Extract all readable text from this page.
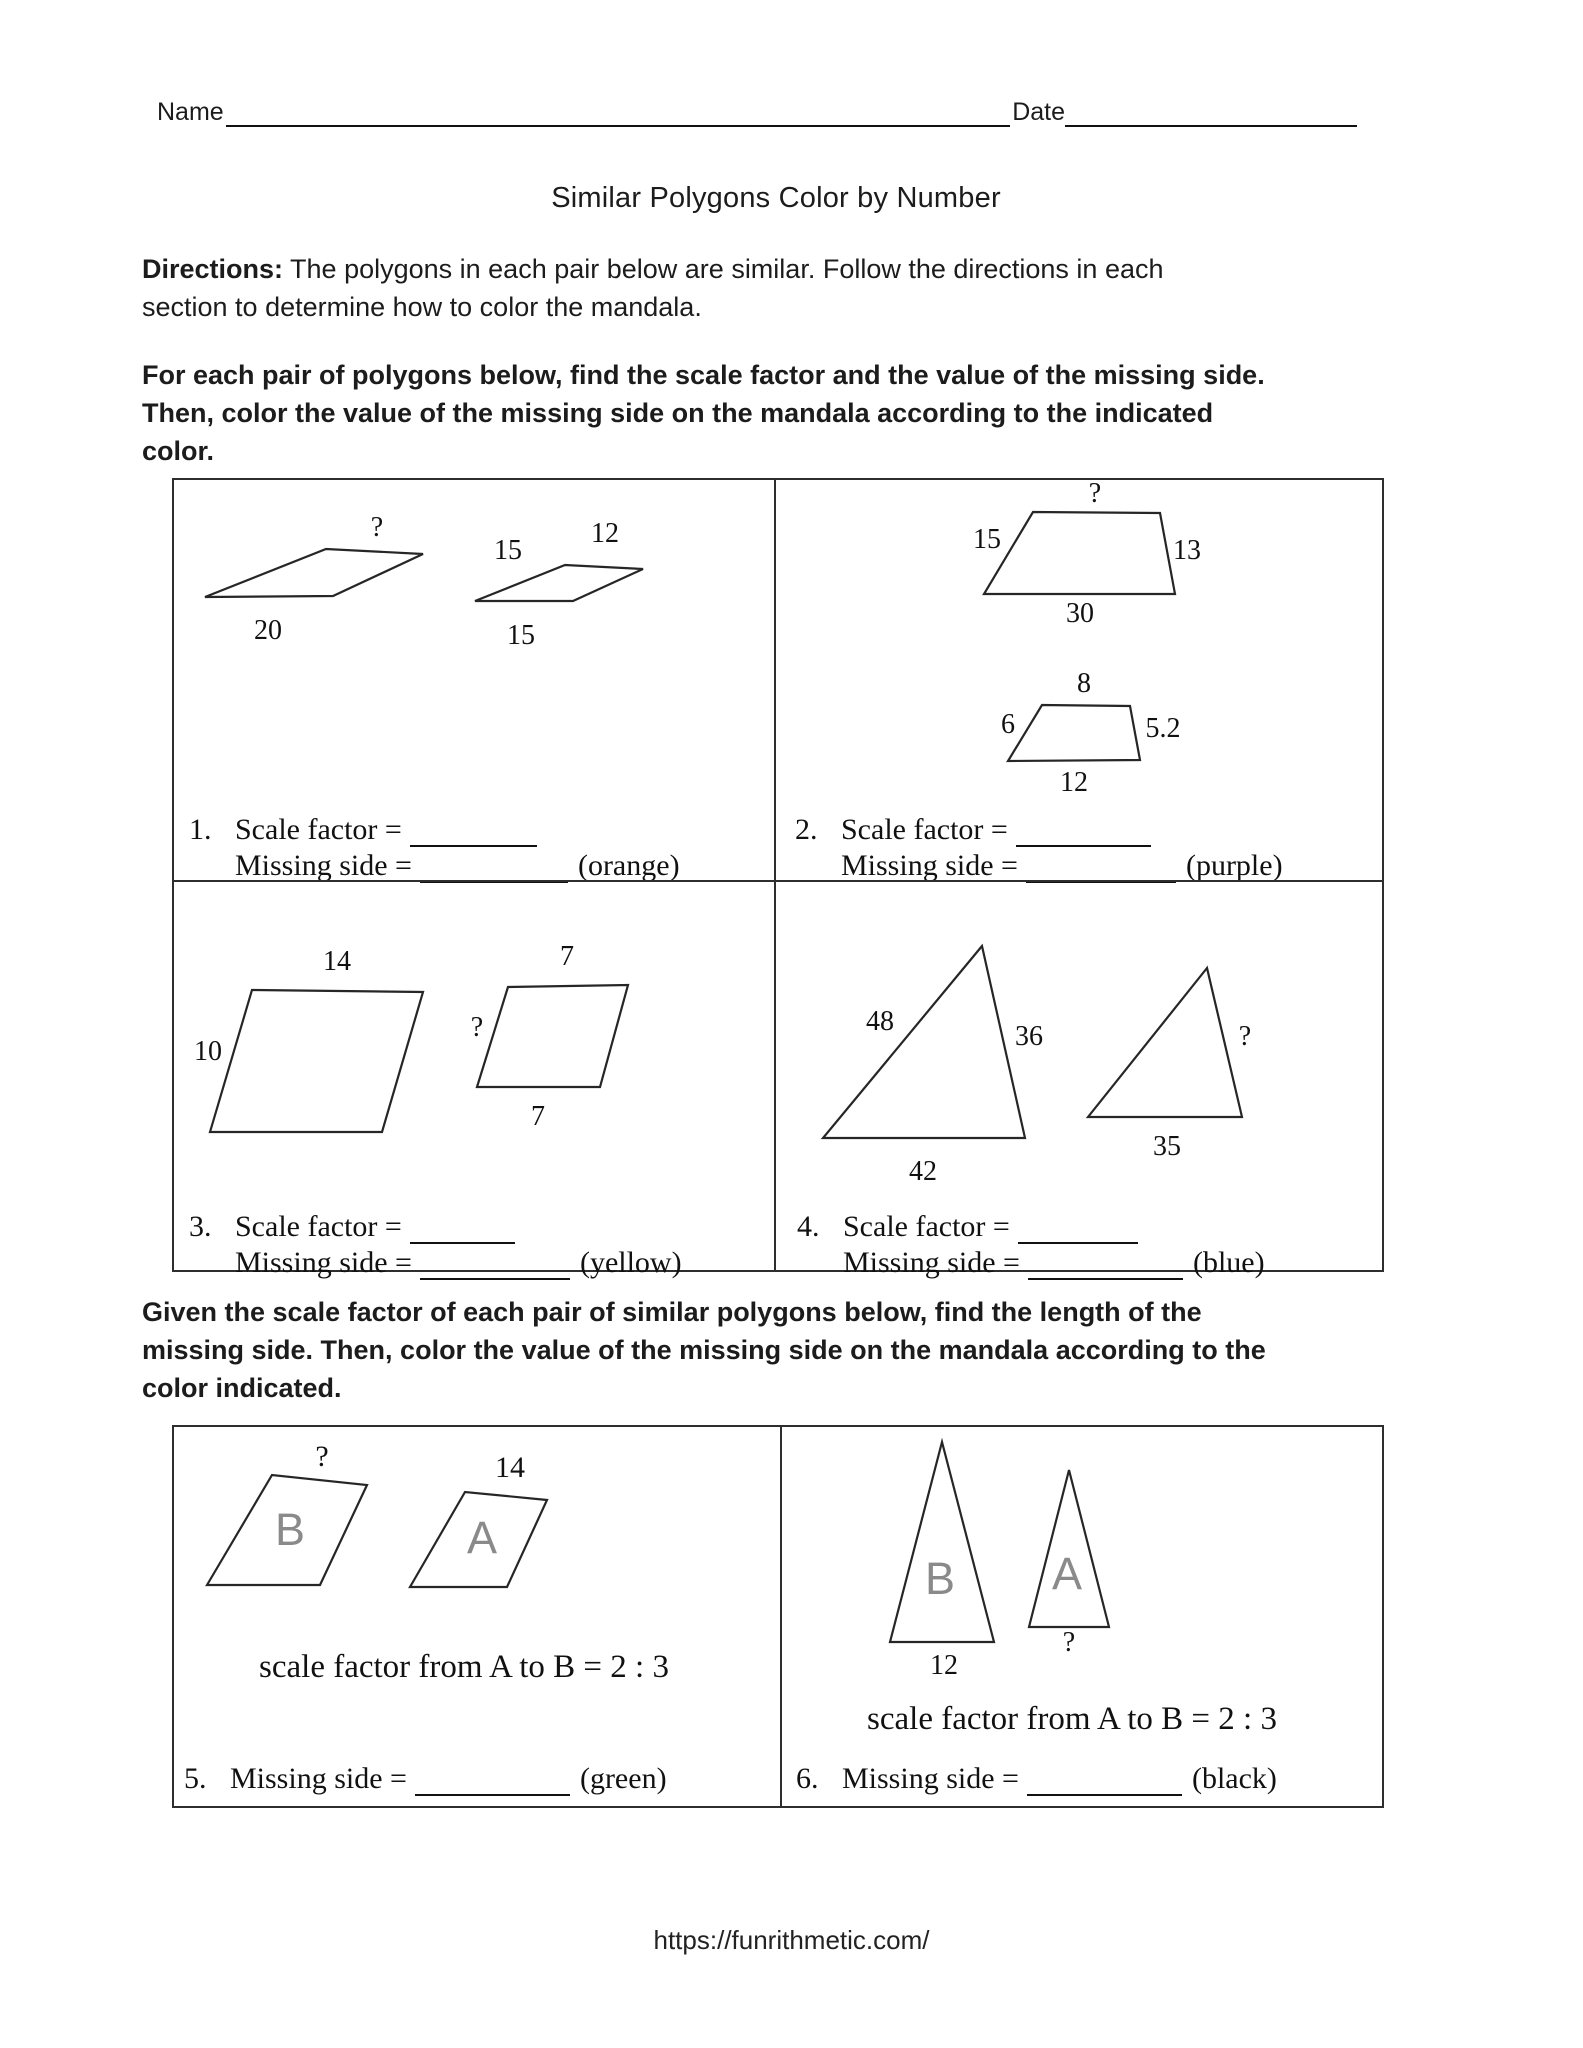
Name	Date
Similar Polygons Color by Number
Directions: The polygons in each pair below are similar. Follow the directions in each
section to determine how to color the mandala.
For each pair of polygons below, find the scale factor and the value of the missing side.
Then, color the value of the missing side on the mandala according to the indicated
color.
?
20
15
12
15
1. Scale factor =
Missing side =	(orange)
?
15	13
30
8
6	5.2
12
2. Scale factor =
Missing side =	(purple)
14
10
7
?
7
3. Scale factor =
Missing side =	(yellow)
48	36
42
?
35
4. Scale factor =
Missing side =	(blue)
Given the scale factor of each pair of similar polygons below, find the length of the
missing side. Then, color the value of the missing side on the mandala according to the
color indicated.
?
B
14
A
scale factor from A to B = 2 : 3
5. Missing side =	(green)
B
12
A
?
scale factor from A to B = 2 : 3
6. Missing side =	(black)
https://funrithmetic.com/
